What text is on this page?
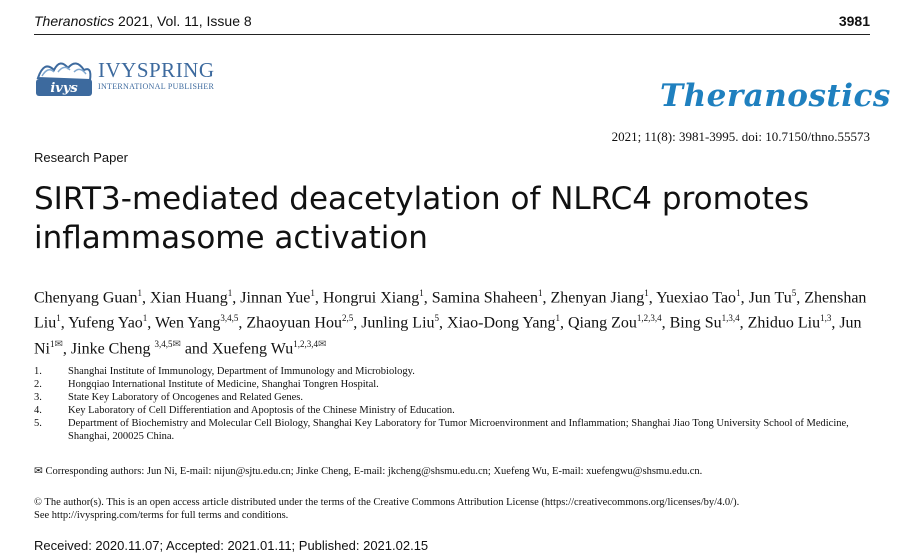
Theranostics 2021, Vol. 11, Issue 8	3981
ivys
IVYSPRING
INTERNATIONAL PUBLISHER	Theranostics
2021; 11(8): 3981-3995. doi: 10.7150/thno.55573
Research Paper
SIRT3-mediated deacetylation of NLRC4 promotes
inflammasome activation
Chenyang Guan$^1$, Xian Huang$^1$, Jinnan Yue$^1$, Hongrui Xiang$^1$, Samina Shaheen$^1$, Zhenyan Jiang$^1$, Yuexiao Tao$^1$, Jun Tu$^5$, Zhenshan Liu$^1$, Yufeng Yao$^1$, Wen Yang$^{3,4,5}$, Zhaoyuan Hou$^{2,5}$, Junling Liu$^5$, Xiao-Dong Yang$^1$, Qiang Zou$^{1,2,3,4}$, Bing Su$^{1,3,4}$, Zhiduo Liu$^{1,3}$, Jun $Ni^{1✉}$, Jinke Cheng $^{3,4,5✉}$ and Xuefeng $Wu^{1,2,3,4✉}$
1. Shanghai Institute of Immunology, Department of Immunology and Microbiology.
2. Hongqiao International Institute of Medicine, Shanghai Tongren Hospital.
3. State Key Laboratory of Oncogenes and Related Genes.
4. Key Laboratory of Cell Differentiation and Apoptosis of the Chinese Ministry of Education.
5. Department of Biochemistry and Molecular Cell Biology, Shanghai Key Laboratory for Tumor Microenvironment and Inflammation; Shanghai Jiao Tong University School of Medicine, Shanghai, 200025 China.
✉ Corresponding authors: Jun Ni, E-mail: nijun@sjtu.edu.cn; Jinke Cheng, E-mail: jkcheng@shsmu.edu.cn; Xuefeng Wu, E-mail: xuefengwu@shsmu.edu.cn.
© The author(s). This is an open access article distributed under the terms of the Creative Commons Attribution License (https://creativecommons.org/licenses/by/4.0/).
See http://ivyspring.com/terms for full terms and conditions.
Received: 2020.11.07; Accepted: 2021.01.11; Published: 2021.02.15
